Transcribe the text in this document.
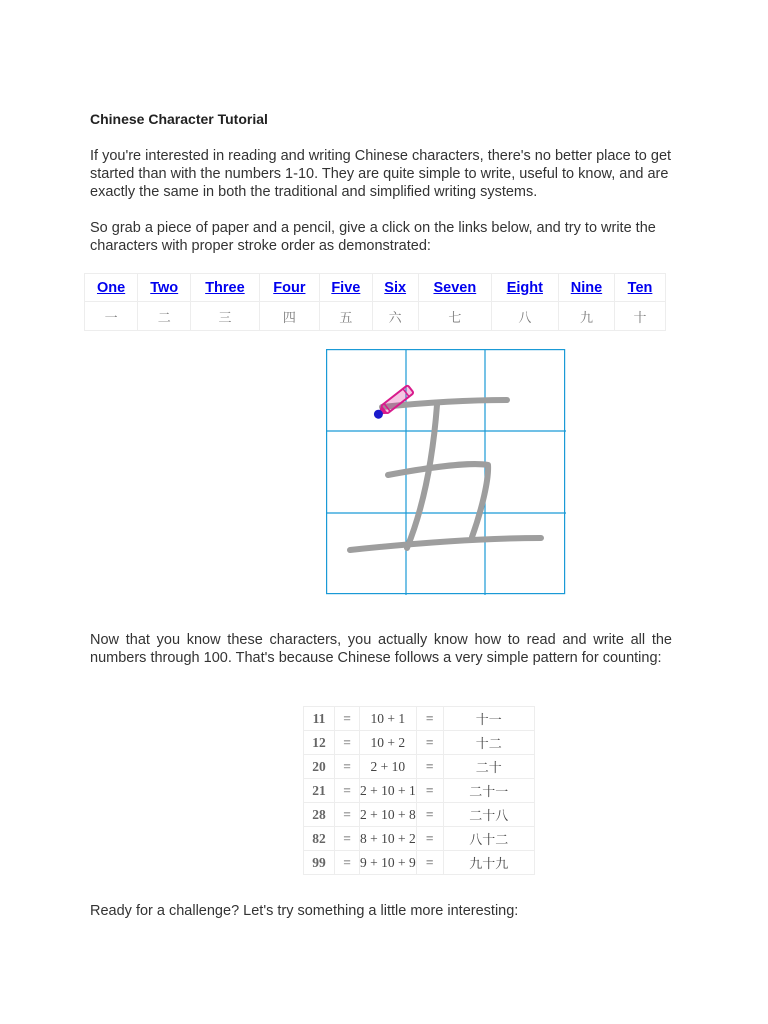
Chinese Character Tutorial

If you're interested in reading and writing Chinese characters, there's no better place to get started than with the numbers 1-10. They are quite simple to write, useful to know, and are exactly the same in both the traditional and simplified writing systems.

So grab a piece of paper and a pencil, give a click on the links below, and try to write the characters with proper stroke order as demonstrated:

One	Two	Three	Four	Five	Six	Seven	Eight	Nine	Ten
一	二	三	四	五	六	七	八	九	十

Now that you know these characters, you actually know how to read and write all the numbers through 100. That's because Chinese follows a very simple pattern for counting:

Ready for a challenge? Let's try something a little more interesting:

11	=	10 + 1	=	十一
12	=	10 + 2	=	十二
20	=	2 + 10	=	二十
21	=	2 + 10 + 1	=	二十一
28	=	2 + 10 + 8	=	二十八
82	=	8 + 10 + 2	=	八十二
99	=	9 + 10 + 9	=	九十九
